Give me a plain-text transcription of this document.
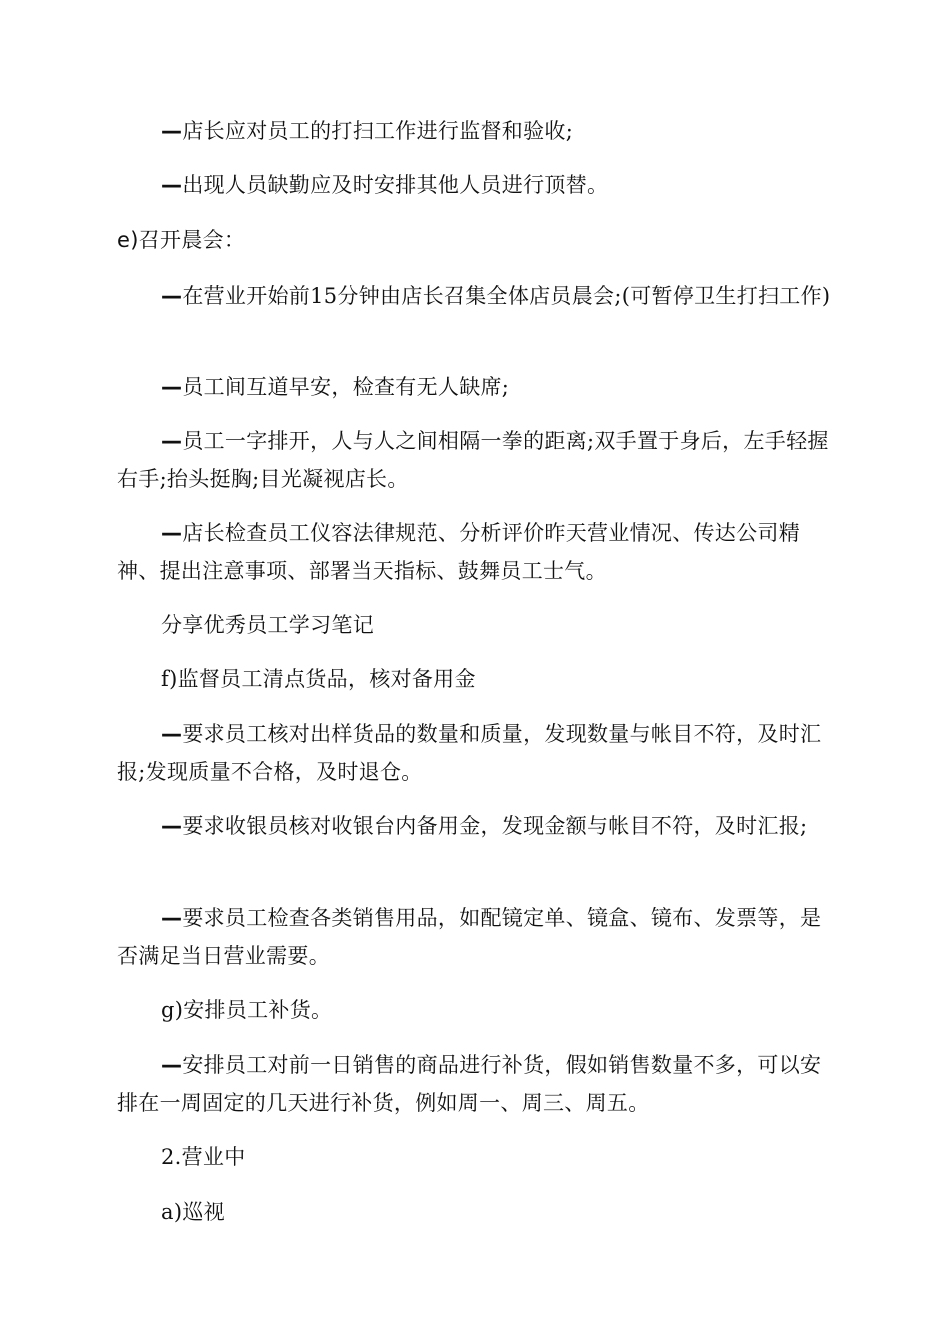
—店长应对员工的打扫工作进行监督和验收;

—出现人员缺勤应及时安排其他人员进行顶替。

e)召开晨会：

—在营业开始前15分钟由店长召集全体店员晨会;(可暂停卫生打扫工作)

—员工间互道早安，检查有无人缺席;

—员工一字排开，人与人之间相隔一拳的距离;双手置于身后，左手轻握右手;抬头挺胸;目光凝视店长。

—店长检查员工仪容法律规范、分析评价昨天营业情况、传达公司精神、提出注意事项、部署当天指标、鼓舞员工士气。

分享优秀员工学习笔记

f)监督员工清点货品，核对备用金

—要求员工核对出样货品的数量和质量，发现数量与帐目不符，及时汇报;发现质量不合格，及时退仓。

—要求收银员核对收银台内备用金，发现金额与帐目不符，及时汇报;

—要求员工检查各类销售用品，如配镜定单、镜盒、镜布、发票等，是否满足当日营业需要。

g)安排员工补货。

—安排员工对前一日销售的商品进行补货，假如销售数量不多，可以安排在一周固定的几天进行补货，例如周一、周三、周五。

2.营业中

a)巡视
